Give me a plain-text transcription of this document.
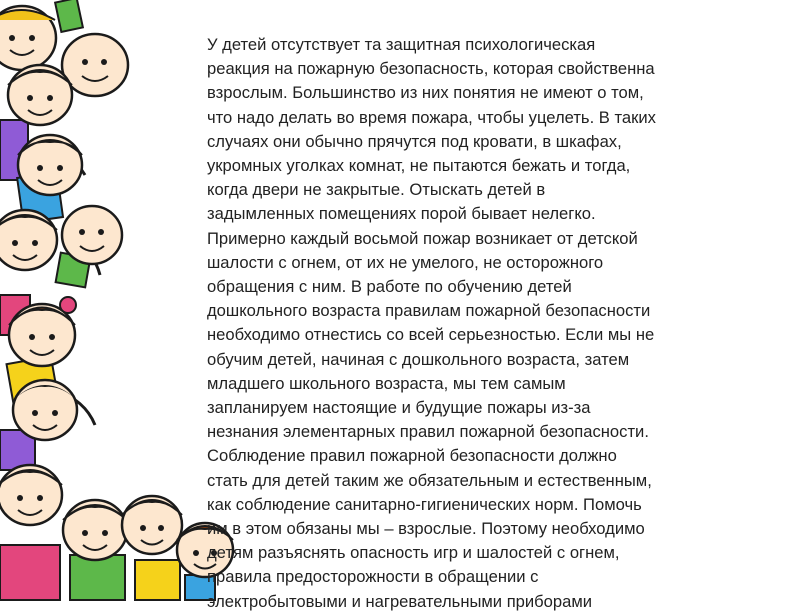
У детей отсутствует та защитная психологическая
реакция на пожарную безопасность, которая свойственна
взрослым. Большинство из них понятия не имеют о том,
что надо делать во время пожара, чтобы уцелеть. В таких
случаях они обычно прячутся под кровати, в шкафах,
укромных уголках комнат, не пытаются бежать и тогда,
когда двери не закрытые. Отыскать детей в
задымленных помещениях порой бывает нелегко.
Примерно каждый восьмой пожар возникает от детской
шалости с огнем, от их не умелого, не осторожного
обращения с ним. В работе по обучению детей
дошкольного возраста правилам пожарной безопасности
необходимо отнестись со всей серьезностью. Если мы не
обучим детей, начиная с дошкольного возраста, затем
младшего школьного возраста, мы тем самым
запланируем настоящие и будущие пожары из-за
незнания элементарных правил пожарной безопасности.
Соблюдение правил пожарной безопасности должно
стать для детей таким же обязательным и естественным,
как соблюдение санитарно-гигиенических норм. Помочь
им в этом обязаны мы – взрослые. Поэтому необходимо
детям разъяснять опасность игр и шалостей с огнем,
правила предосторожности в обращении с
электробытовыми и нагревательными приборами
